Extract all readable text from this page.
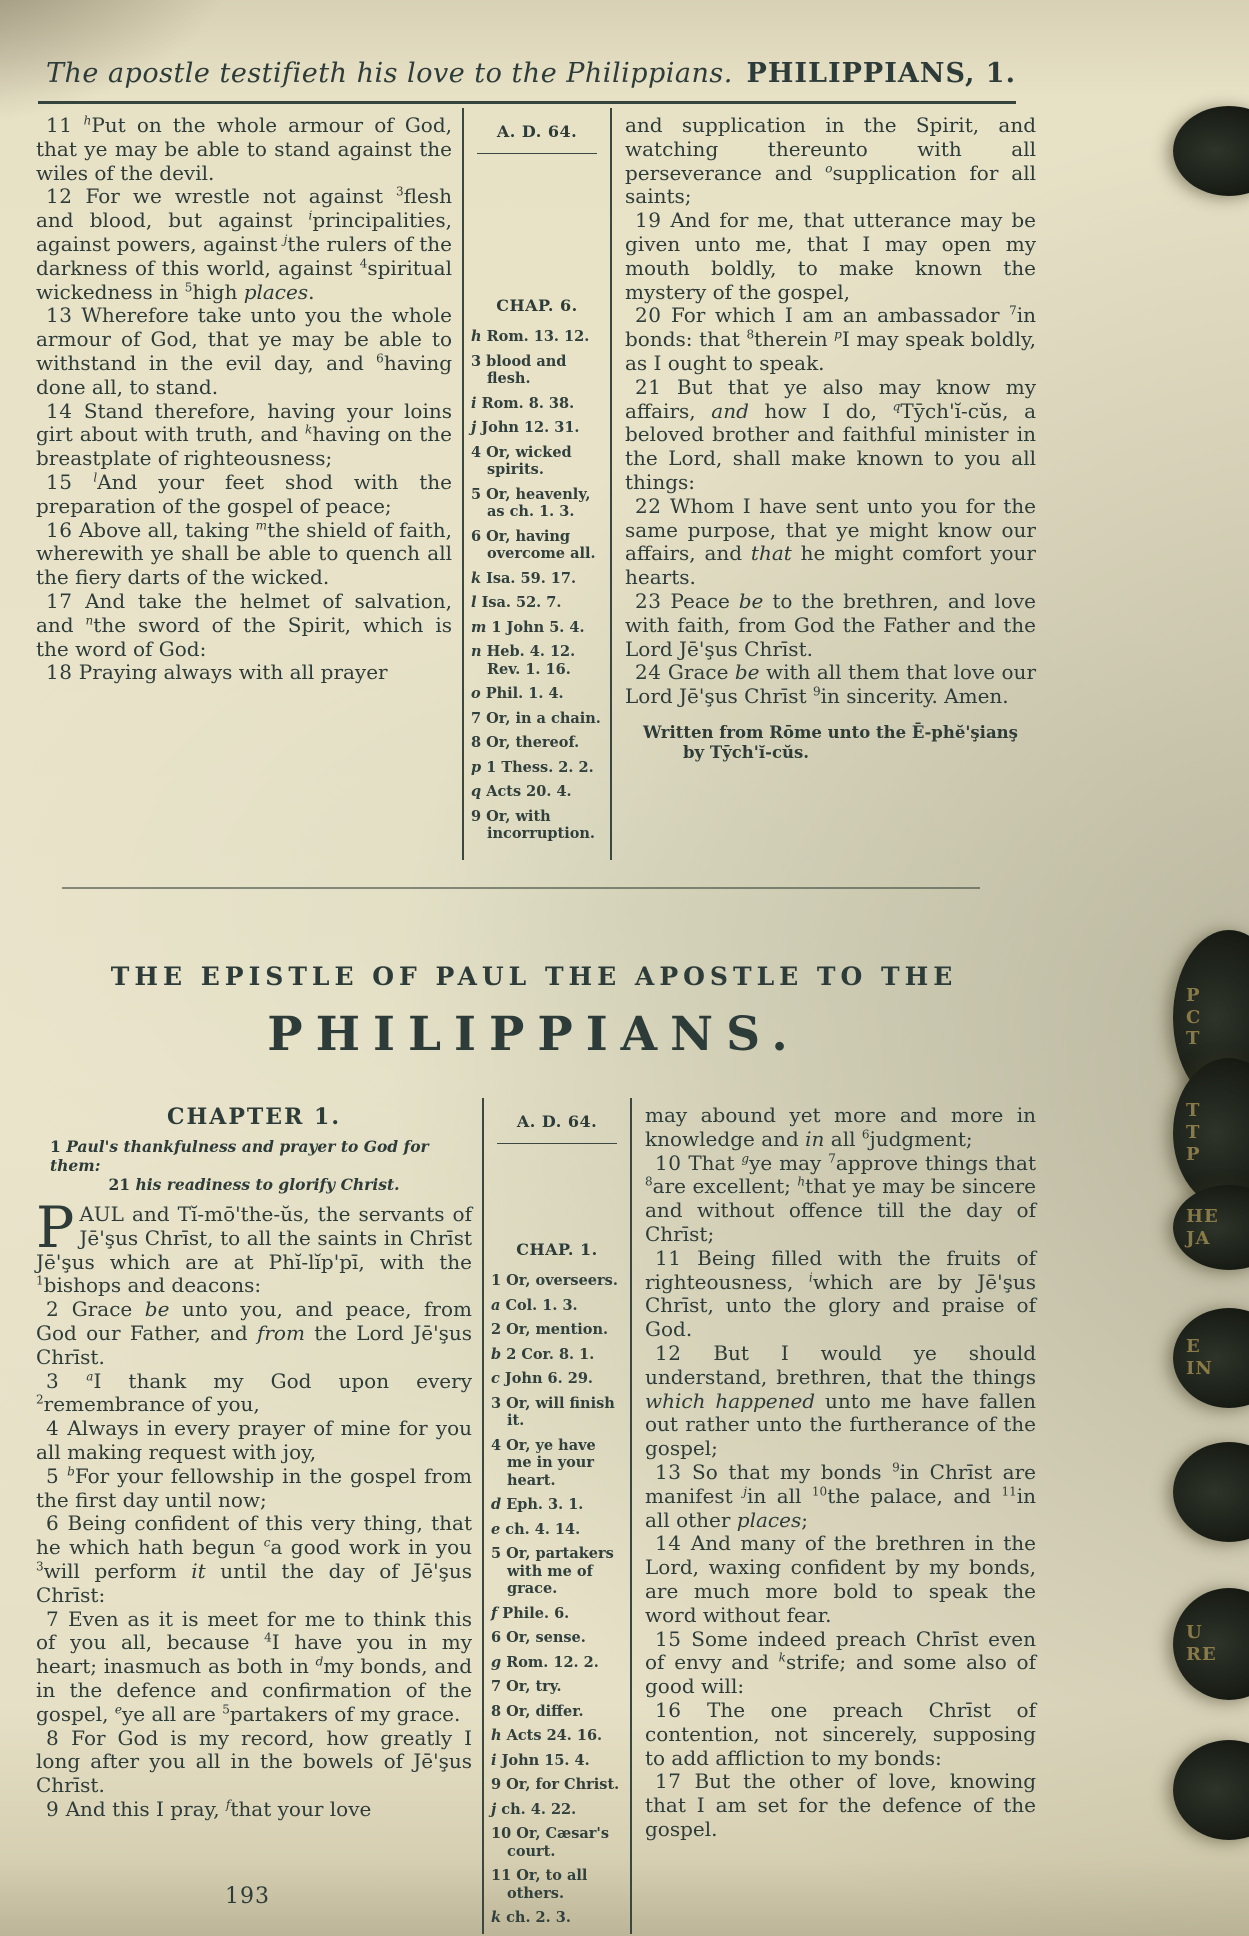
The apostle testifieth his love to the Philippians. PHILIPPIANS, 1.

11 $^h$Put on the whole armour of God, that ye may be able to stand against the wiles of the devil.

12 For we wrestle not against $^3$flesh and blood, but against $^i$principalities, against powers, against $^j$the rulers of the darkness of this world, against $^4$spiritual wickedness in $^5$high places.

13 Wherefore take unto you the whole armour of God, that ye may be able to withstand in the evil day, and $^6$having done all, to stand.

14 Stand therefore, having your loins girt about with truth, and $^k$having on the breastplate of righteousness;

15 $^l$And your feet shod with the preparation of the gospel of peace;

16 Above all, taking $^m$the shield of faith, wherewith ye shall be able to quench all the fiery darts of the wicked.

17 And take the helmet of salvation, and $^n$the sword of the Spirit, which is the word of God:

18 Praying always with all prayer

A. D. 64.
CHAP. 6.
h Rom. 13. 12.
3 blood and flesh.
i Rom. 8. 38.
j John 12. 31.
4 Or, wicked spirits.
5 Or, heavenly, as ch. 1. 3.
6 Or, having overcome all.
k Isa. 59. 17.
l Isa. 52. 7.
m 1 John 5. 4.
n Heb. 4. 12. Rev. 1. 16.
o Phil. 1. 4.
7 Or, in a chain.
8 Or, thereof.
p 1 Thess. 2. 2.
q Acts 20. 4.
9 Or, with incorruption.

and supplication in the Spirit, and watching thereunto with all perseverance and $^o$supplication for all saints;

19 And for me, that utterance may be given unto me, that I may open my mouth boldly, to make known the mystery of the gospel,

20 For which I am an ambassador $^7$in bonds: that $^8$therein $^p$I may speak boldly, as I ought to speak.

21 But that ye also may know my affairs, and how I do, $^q$Tȳch'ĭ-cŭs, a beloved brother and faithful minister in the Lord, shall make known to you all things:

22 Whom I have sent unto you for the same purpose, that ye might know our affairs, and that he might comfort your hearts.

23 Peace be to the brethren, and love with faith, from God the Father and the Lord Jē'şus Chrīst.

24 Grace be with all them that love our Lord Jē'şus Chrīst $^9$in sincerity. Amen.

Written from Rōme unto the Ē-phĕ'şianş by Tȳch'ĭ-cŭs.
THE EPISTLE OF PAUL THE APOSTLE TO THE
PHILIPPIANS.
CHAPTER 1.
1 Paul's thankfulness and prayer to God for them:
21 his readiness to glorify Christ.

PAUL and Tĭ-mō'the-ŭs, the servants of Jē'şus Chrīst, to all the saints in Chrīst Jē'şus which are at Phĭ-lĭp'pī, with the $^1$bishops and deacons:

2 Grace be unto you, and peace, from God our Father, and from the Lord Jē'şus Chrīst.

3 $^a$I thank my God upon every $^2$remembrance of you,

4 Always in every prayer of mine for you all making request with joy,

5 $^b$For your fellowship in the gospel from the first day until now;

6 Being confident of this very thing, that he which hath begun $^c$a good work in you $^3$will perform it until the day of Jē'şus Chrīst:

7 Even as it is meet for me to think this of you all, because $^4$I have you in my heart; inasmuch as both in $^d$my bonds, and in the defence and confirmation of the gospel, $^e$ye all are $^5$partakers of my grace.

8 For God is my record, how greatly I long after you all in the bowels of Jē'şus Chrīst.

9 And this I pray, $^f$that your love

A. D. 64.
CHAP. 1.
1 Or, overseers.
a Col. 1. 3.
2 Or, mention.
b 2 Cor. 8. 1.
c John 6. 29.
3 Or, will finish it.
4 Or, ye have me in your heart.
d Eph. 3. 1.
e ch. 4. 14.
5 Or, partakers with me of grace.
f Phile. 6.
6 Or, sense.
g Rom. 12. 2.
7 Or, try.
8 Or, differ.
h Acts 24. 16.
i John 15. 4.
9 Or, for Christ.
j ch. 4. 22.
10 Or, Cæsar's court.
11 Or, to all others.
k ch. 2. 3.

may abound yet more and more in knowledge and in all $^6$judgment;

10 That $^g$ye may $^7$approve things that $^8$are excellent; $^h$that ye may be sincere and without offence till the day of Chrīst;

11 Being filled with the fruits of righteousness, $^i$which are by Jē'şus Chrīst, unto the glory and praise of God.

12 But I would ye should understand, brethren, that the things which happened unto me have fallen out rather unto the furtherance of the gospel;

13 So that my bonds $^9$in Chrīst are manifest $^j$in all $^{10}$the palace, and $^{11}$in all other places;

14 And many of the brethren in the Lord, waxing confident by my bonds, are much more bold to speak the word without fear.

15 Some indeed preach Chrīst even of envy and $^k$strife; and some also of good will:

16 The one preach Chrīst of contention, not sincerely, supposing to add affliction to my bonds:

17 But the other of love, knowing that I am set for the defence of the gospel.

193
P
C
T
T
T
P
HE
JA
E
IN
U
RE
